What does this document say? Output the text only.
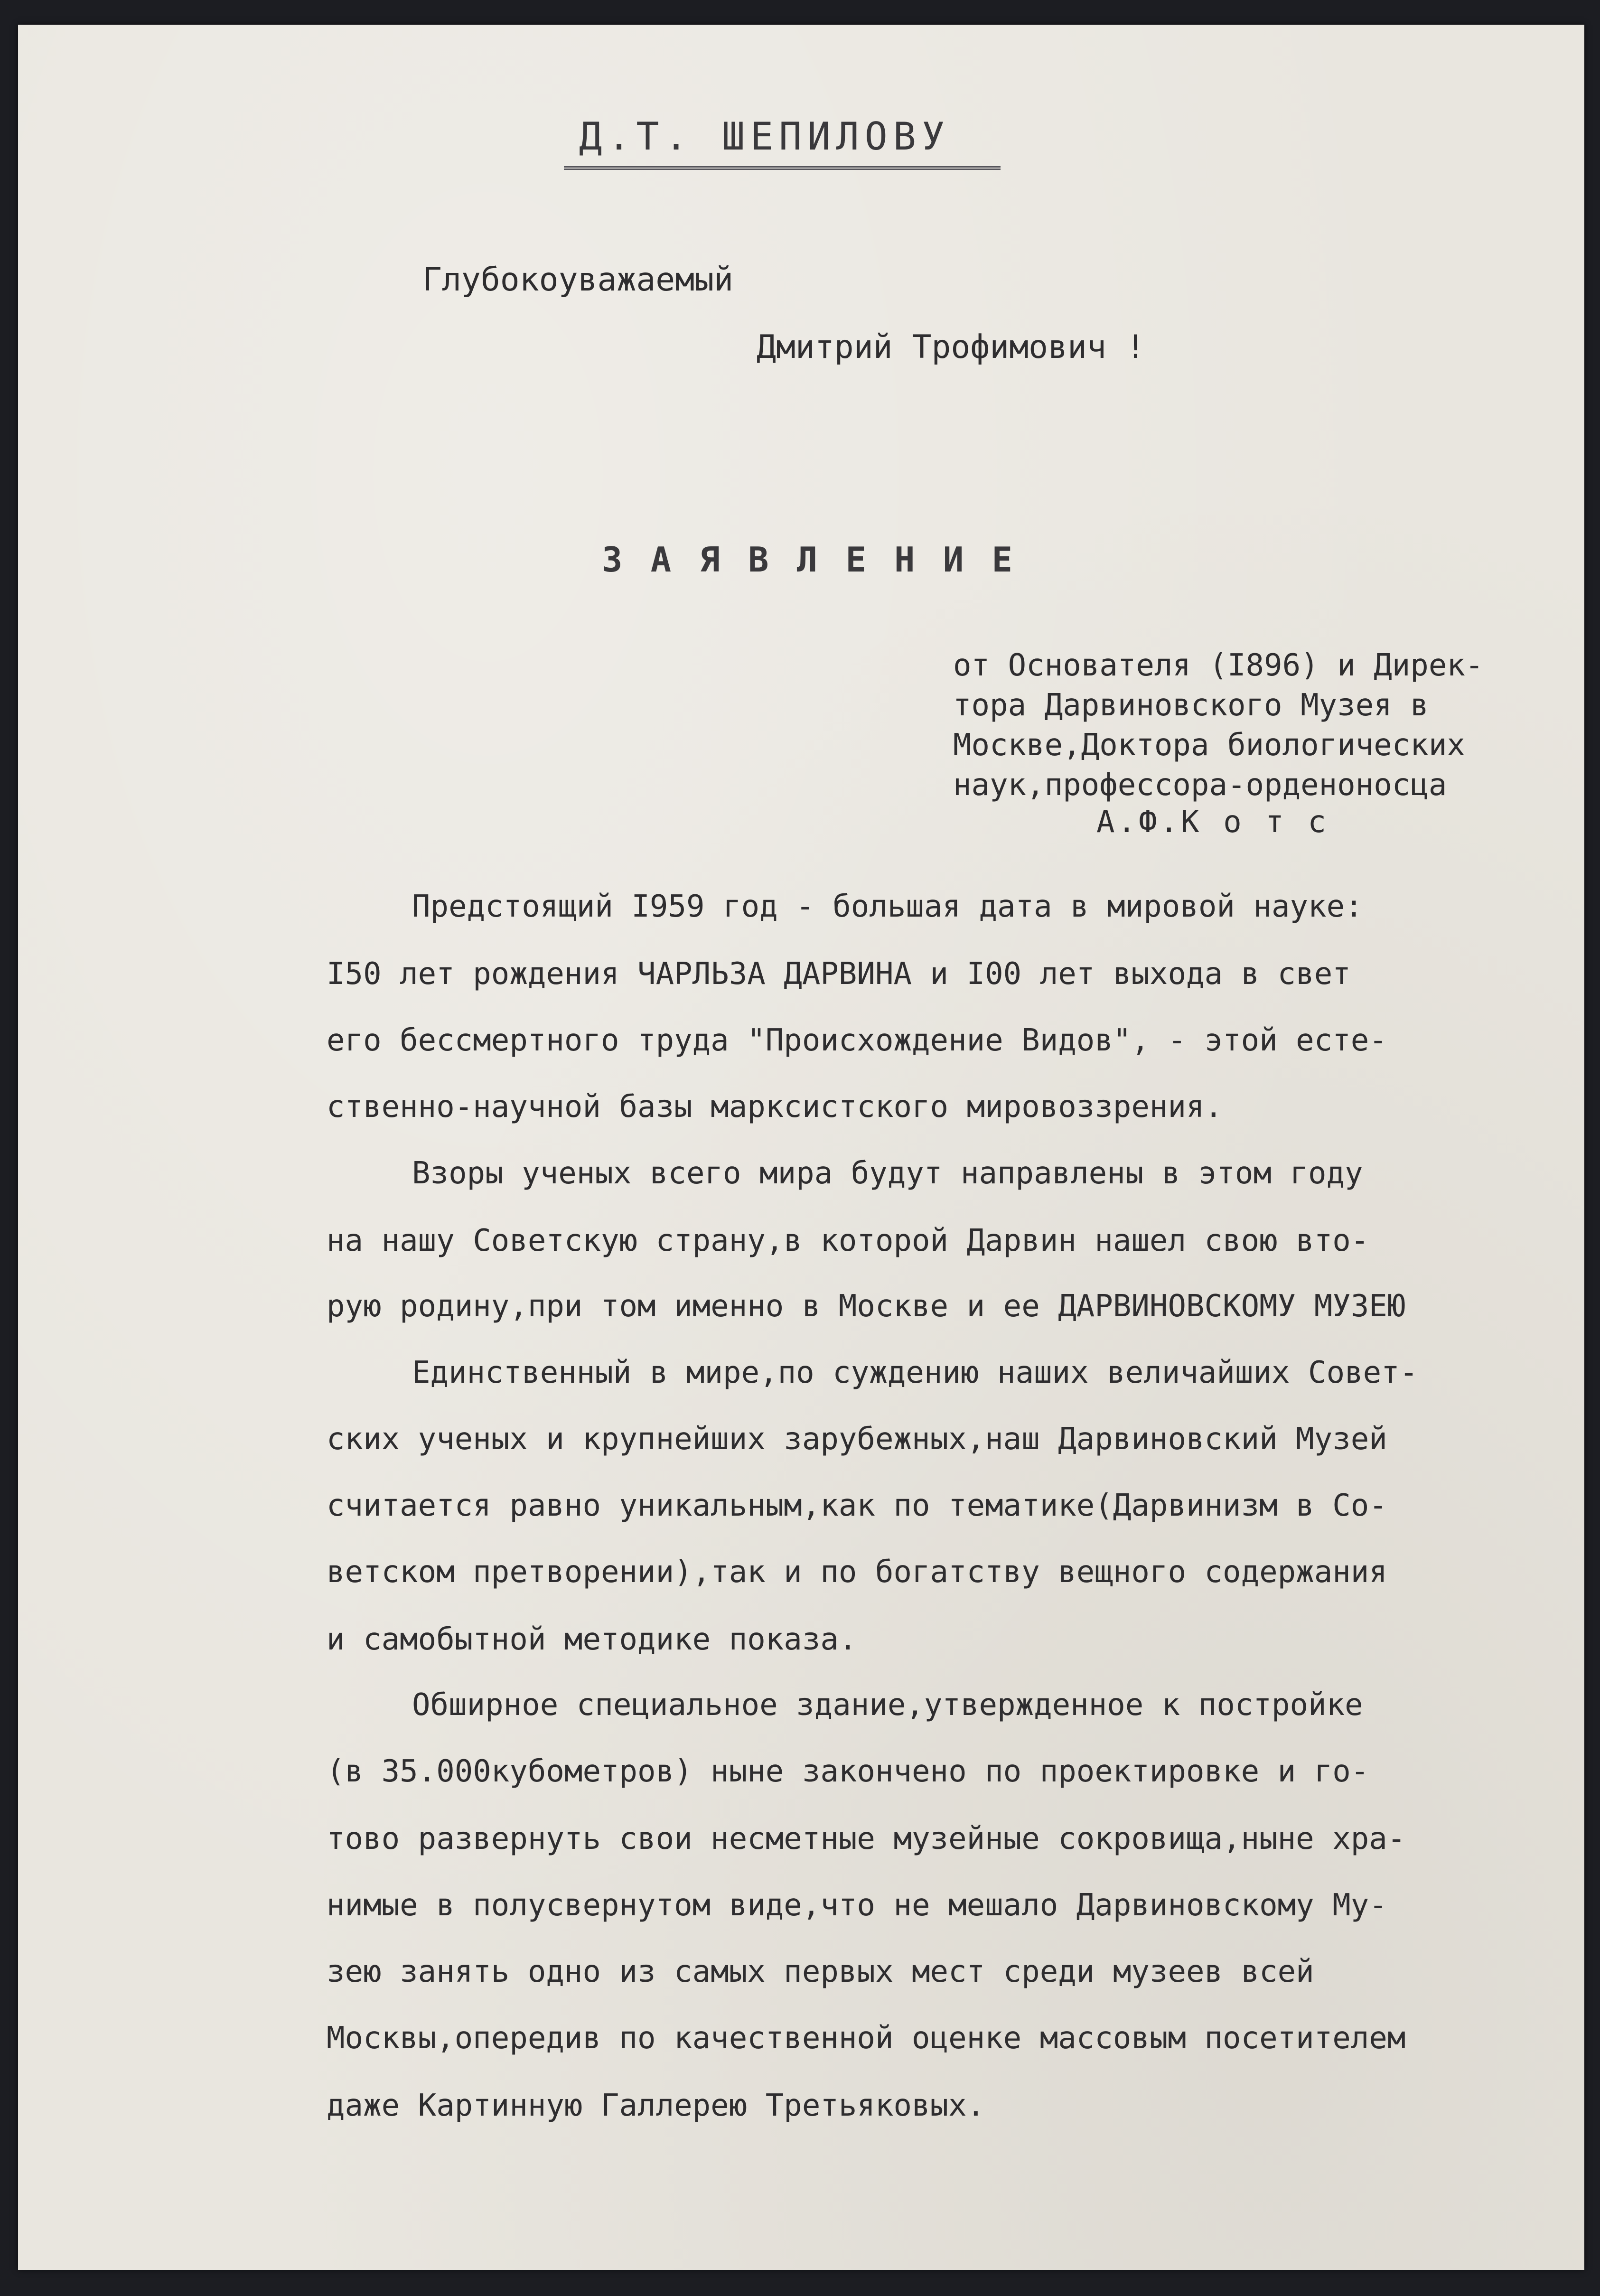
Д.Т. ШЕПИЛОВУ
Глубокоуважаемый
Дмитрий Трофимович !
З А Я В Л Е Н И Е
от Основателя (I896) и Дирек-
тора Дарвиновского Музея в
Москве,Доктора биологических
наук,профессора-орденоносца
А.Ф.К о т с
Предстоящий I959 год - большая дата в мировой науке:
I50 лет рождения ЧАРЛЬЗА ДАРВИНА и I00 лет выхода в свет
его бессмертного труда "Происхождение Видов", - этой есте-
ственно-научной базы марксистского мировоззрения.
Взоры ученых всего мира будут направлены в этом году
на нашу Советскую страну,в которой Дарвин нашел свою вто-
рую родину,при том именно в Москве и ее ДАРВИНОВСКОМУ МУЗЕЮ
Единственный в мире,по суждению наших величайших Совет-
ских ученых и крупнейших зарубежных,наш Дарвиновский Музей
считается равно уникальным,как по тематике(Дарвинизм в Со-
ветском претворении),так и по богатству вещного содержания
и самобытной методике показа.
Обширное специальное здание,утвержденное к постройке
(в 35.000кубометров) ныне закончено по проектировке и го-
тово развернуть свои несметные музейные сокровища,ныне хра-
нимые в полусвернутом виде,что не мешало Дарвиновскому Му-
зею занять одно из самых первых мест среди музеев всей
Москвы,опередив по качественной оценке массовым посетителем
даже Картинную Галлерею Третьяковых.
